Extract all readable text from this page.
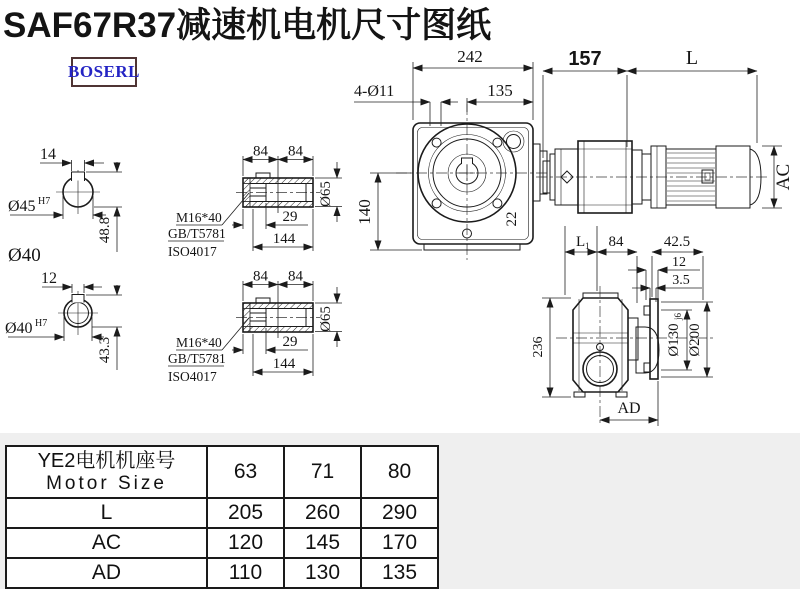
SAF67R37减速机电机尺寸图纸
BOSERL
14
Ø45 H7
48.8
Ø40
12
Ø40 H7
43.3
84 84
29
144
Ø65
M16*40
GB/T5781
ISO4017
84 84
29
144
Ø65
M16*40
GB/T5781
ISO4017
22
242
4-Ø11	135
140
157	L
AC
L 1 84	42.5
12
3.5
Ø130
j6
Ø200
236
AD
YE2电机机座号
Motor Size	63	71	80
L	205	260	290
AC	120	145	170
AD	110	130	135
